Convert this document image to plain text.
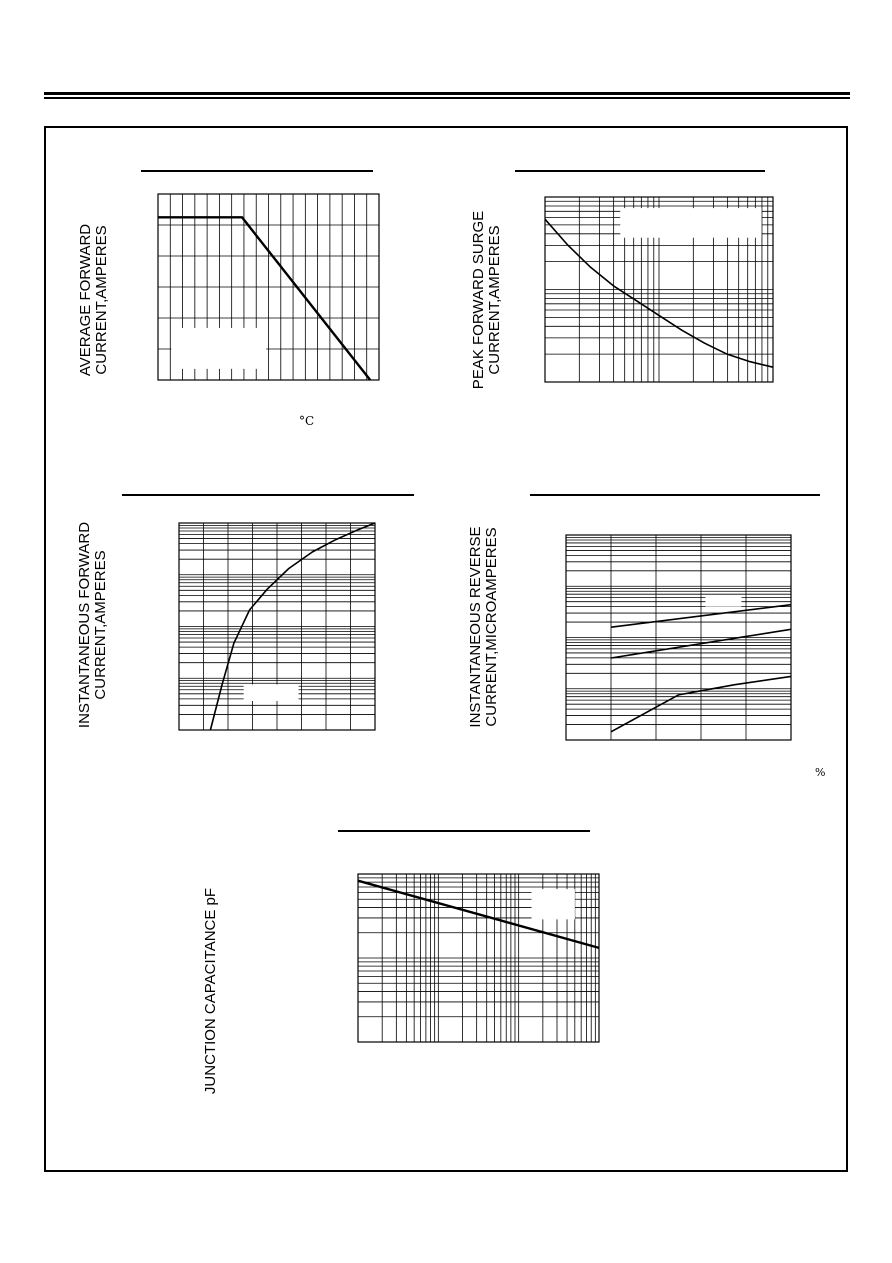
AVERAGE FORWARD CURRENT,AMPERES
°C
PEAK FORWARD SURGE CURRENT,AMPERES
INSTANTANEOUS FORWARD CURRENT,AMPERES	INSTANTANEOUS REVERSE CURRENT,MICROAMPERES
%
JUNCTION CAPACITANCE pF
